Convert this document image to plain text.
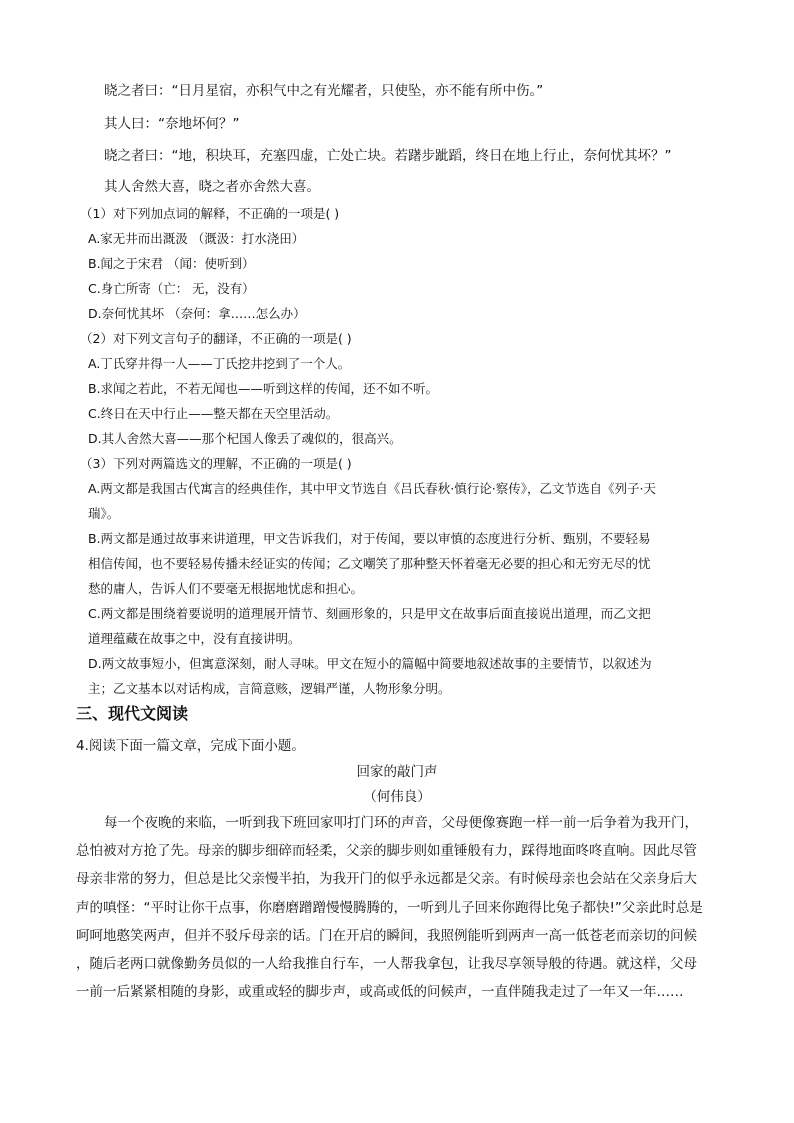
晓之者曰：“日月星宿，亦积气中之有光耀者，只使坠，亦不能有所中伤。”
其人曰：“奈地坏何？”
晓之者曰：“地，积块耳，充塞四虚，亡处亡块。若躇步跐蹈，终日在地上行止，奈何忧其坏？”
其人舍然大喜，晓之者亦舍然大喜。
（1）对下列加点词的解释，不正确的一项是( )
A.家无井而出溉汲 （溉汲：打水浇田）
B.闻之于宋君 （闻：使听到）
C.身亡所寄（亡： 无，没有）
D.奈何忧其坏 （奈何：拿……怎么办）
（2）对下列文言句子的翻译，不正确的一项是( )
A.丁氏穿井得一人——丁氏挖井挖到了一个人。
B.求闻之若此，不若无闻也——听到这样的传闻，还不如不听。
C.终日在天中行止——整天都在天空里活动。
D.其人舍然大喜——那个杞国人像丢了魂似的，很高兴。
（3）下列对两篇选文的理解，不正确的一项是( )
A.两文都是我国古代寓言的经典佳作，其中甲文节选自《吕氏春秋·慎行论·察传》，乙文节选自《列子·天
瑞》。
B.两文都是通过故事来讲道理，甲文告诉我们，对于传闻，要以审慎的态度进行分析、甄别，不要轻易
相信传闻，也不要轻易传播未经证实的传闻；乙文嘲笑了那种整天怀着毫无必要的担心和无穷无尽的忧
愁的庸人，告诉人们不要毫无根据地忧虑和担心。
C.两文都是围绕着要说明的道理展开情节、刻画形象的，只是甲文在故事后面直接说出道理，而乙文把
道理蕴藏在故事之中，没有直接讲明。
D.两文故事短小，但寓意深刻，耐人寻味。甲文在短小的篇幅中简要地叙述故事的主要情节，以叙述为
主；乙文基本以对话构成，言简意赅，逻辑严谨，人物形象分明。
三、现代文阅读
4.阅读下面一篇文章，完成下面小题。
回家的敲门声
（何伟良）
每一个夜晚的来临，一听到我下班回家叩打门环的声音，父母便像赛跑一样一前一后争着为我开门，
总怕被对方抢了先。母亲的脚步细碎而轻柔，父亲的脚步则如重锤般有力，踩得地面咚咚直响。因此尽管
母亲非常的努力，但总是比父亲慢半拍，为我开门的似乎永远都是父亲。有时候母亲也会站在父亲身后大
声的嗔怪：“平时让你干点事，你磨磨蹭蹭慢慢腾腾的，一听到儿子回来你跑得比兔子都快!”父亲此时总是
呵呵地憨笑两声，但并不驳斥母亲的话。门在开启的瞬间，我照例能听到两声一高一低苍老而亲切的问候
，随后老两口就像勤务员似的一人给我推自行车，一人帮我拿包，让我尽享领导般的待遇。就这样，父母
一前一后紧紧相随的身影，或重或轻的脚步声，或高或低的问候声，一直伴随我走过了一年又一年……
